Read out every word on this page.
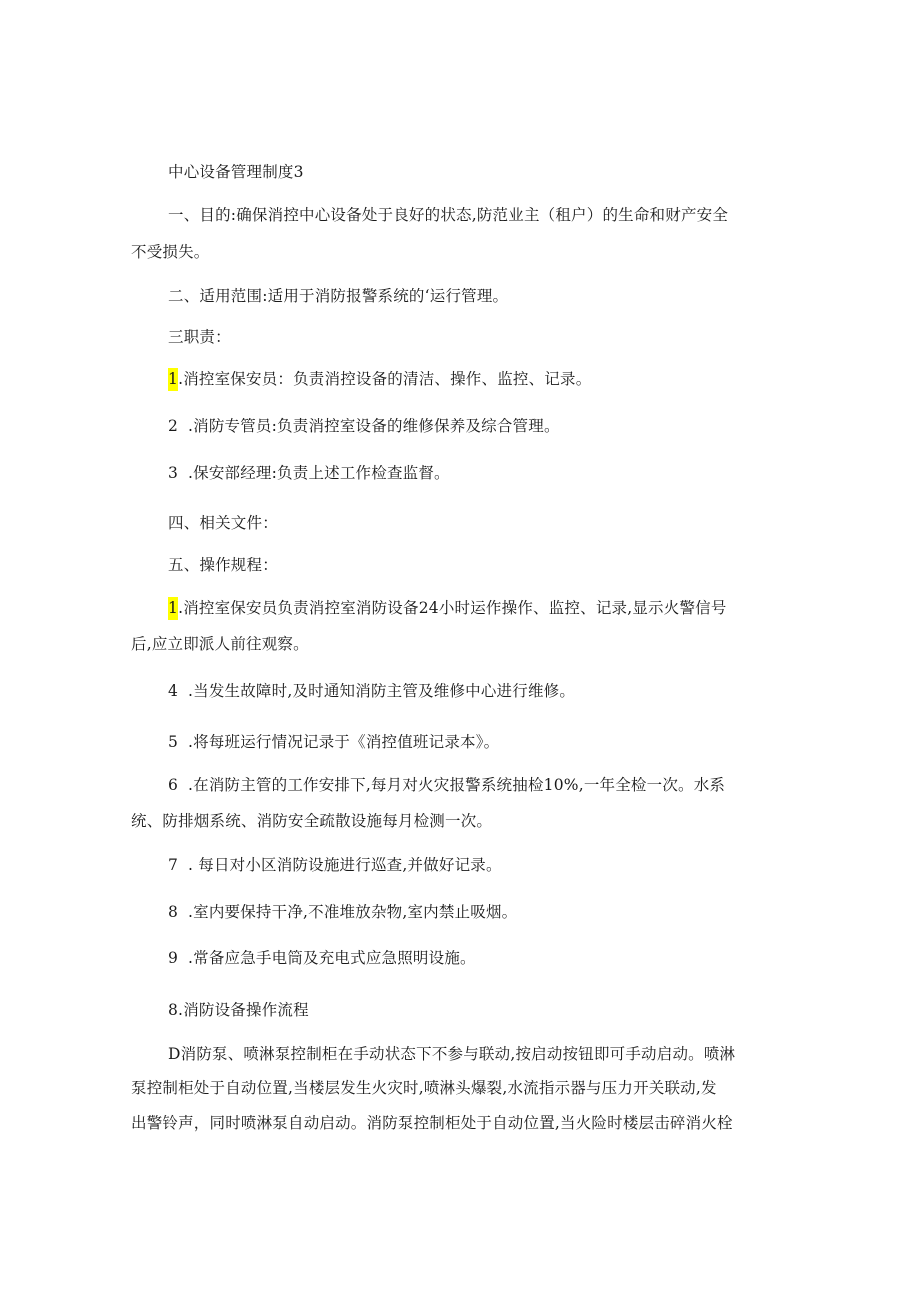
中心设备管理制度3
一、目的:确保消控中心设备处于良好的状态,防范业主（租户）的生命和财产安全
不受损失。
二、适用范围:适用于消防报警系统的‘运行管理。
三职责：
1.消控室保安员：负责消控设备的清洁、操作、监控、记录。
2 .消防专管员:负责消控室设备的维修保养及综合管理。
3 .保安部经理:负责上述工作检查监督。
四、相关文件：
五、操作规程：
1.消控室保安员负责消控室消防设备24小时运作操作、监控、记录,显示火警信号
后,应立即派人前往观察。
4 .当发生故障时,及时通知消防主管及维修中心进行维修。
5 .将每班运行情况记录于《消控值班记录本》。
6 .在消防主管的工作安排下,每月对火灾报警系统抽检10%,一年全检一次。水系
统、防排烟系统、消防安全疏散设施每月检测一次。
7 . 每日对小区消防设施进行巡查,并做好记录。
8 .室内要保持干净,不准堆放杂物,室内禁止吸烟。
9 .常备应急手电筒及充电式应急照明设施。
8.消防设备操作流程
D消防泵、喷淋泵控制柜在手动状态下不参与联动,按启动按钮即可手动启动。喷淋
泵控制柜处于自动位置,当楼层发生火灾时,喷淋头爆裂,水流指示器与压力开关联动,发
出警铃声，同时喷淋泵自动启动。消防泵控制柜处于自动位置,当火险时楼层击碎消火栓
